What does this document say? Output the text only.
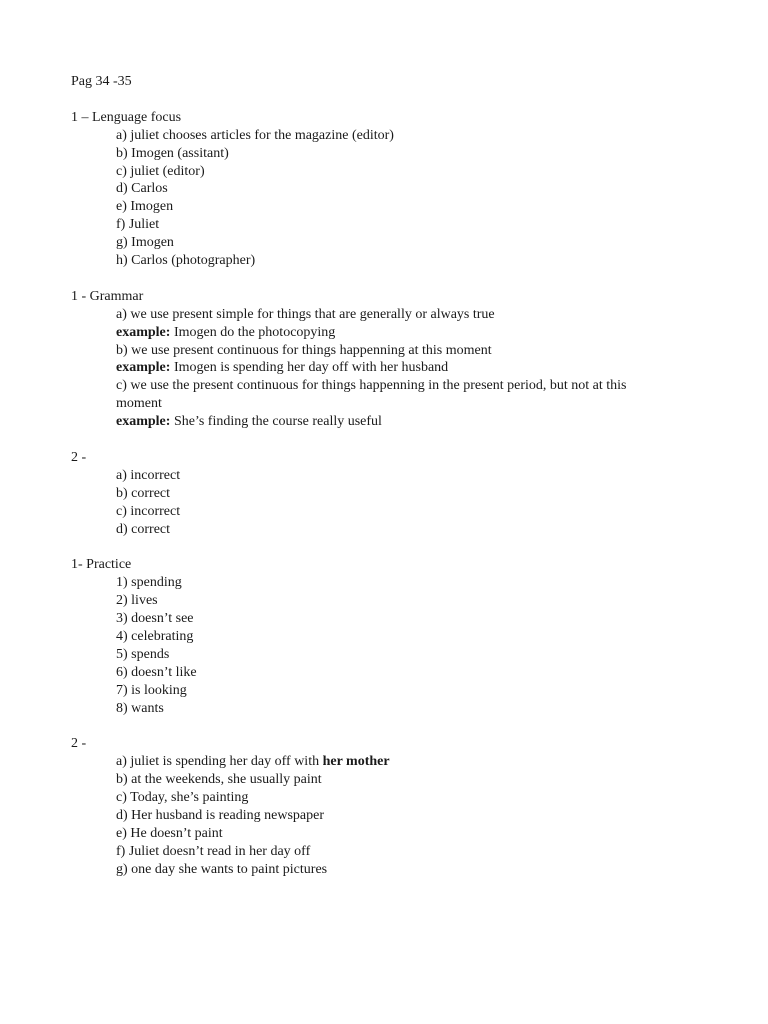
Pag 34 -35
1 – Lenguage focus
a) juliet chooses articles for the magazine (editor)
b) Imogen (assitant)
c) juliet (editor)
d) Carlos
e) Imogen
f) Juliet
g) Imogen
h) Carlos (photographer)
1 - Grammar
a) we use present simple for things that are generally or always true
example: Imogen do the photocopying
b) we use present continuous for things happenning at this moment
example: Imogen is spending her day off with her husband
c) we use the present continuous for things happenning in the present period, but not at this
moment
example: She’s finding the course really useful
2 -
a) incorrect
b) correct
c) incorrect
d) correct
1- Practice
1) spending
2) lives
3) doesn’t see
4) celebrating
5) spends
6) doesn’t like
7) is looking
8) wants
2 -
a) juliet is spending her day off with her mother
b) at the weekends, she usually paint
c) Today, she’s painting
d) Her husband is reading newspaper
e) He doesn’t paint
f) Juliet doesn’t read in her day off
g) one day she wants to paint pictures
